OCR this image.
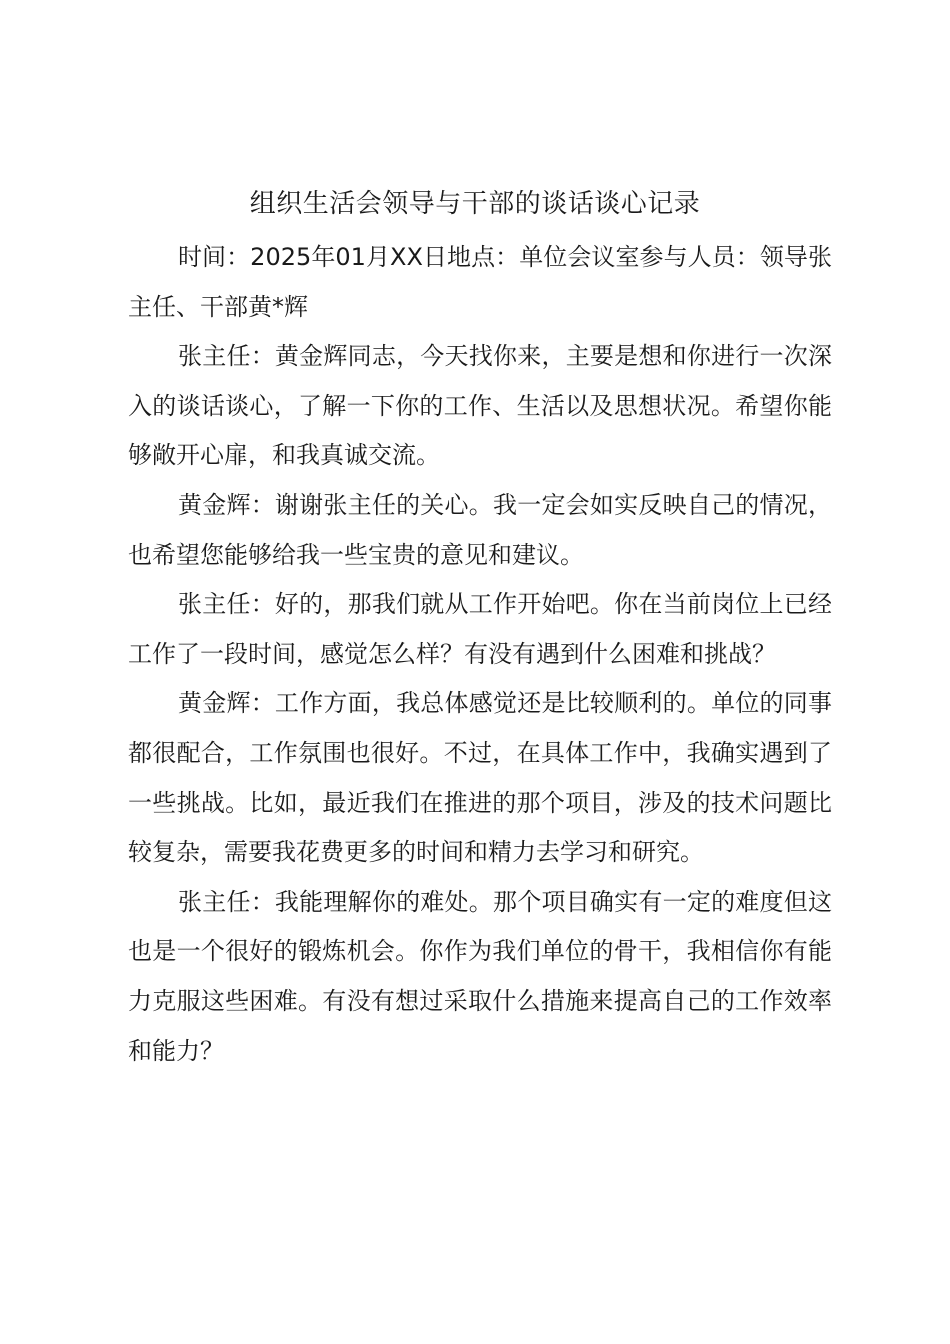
组织生活会领导与干部的谈话谈心记录

时间：2025年01月XX日地点：单位会议室参与人员：领导张主任、干部黄*辉

张主任：黄金辉同志，今天找你来，主要是想和你进行一次深入的谈话谈心，了解一下你的工作、生活以及思想状况。希望你能够敞开心扉，和我真诚交流。

黄金辉：谢谢张主任的关心。我一定会如实反映自己的情况，也希望您能够给我一些宝贵的意见和建议。

张主任：好的，那我们就从工作开始吧。你在当前岗位上已经工作了一段时间，感觉怎么样？有没有遇到什么困难和挑战？

黄金辉：工作方面，我总体感觉还是比较顺利的。单位的同事都很配合，工作氛围也很好。不过，在具体工作中，我确实遇到了一些挑战。比如，最近我们在推进的那个项目，涉及的技术问题比较复杂，需要我花费更多的时间和精力去学习和研究。

张主任：我能理解你的难处。那个项目确实有一定的难度但这也是一个很好的锻炼机会。你作为我们单位的骨干，我相信你有能力克服这些困难。有没有想过采取什么措施来提高自己的工作效率和能力？
